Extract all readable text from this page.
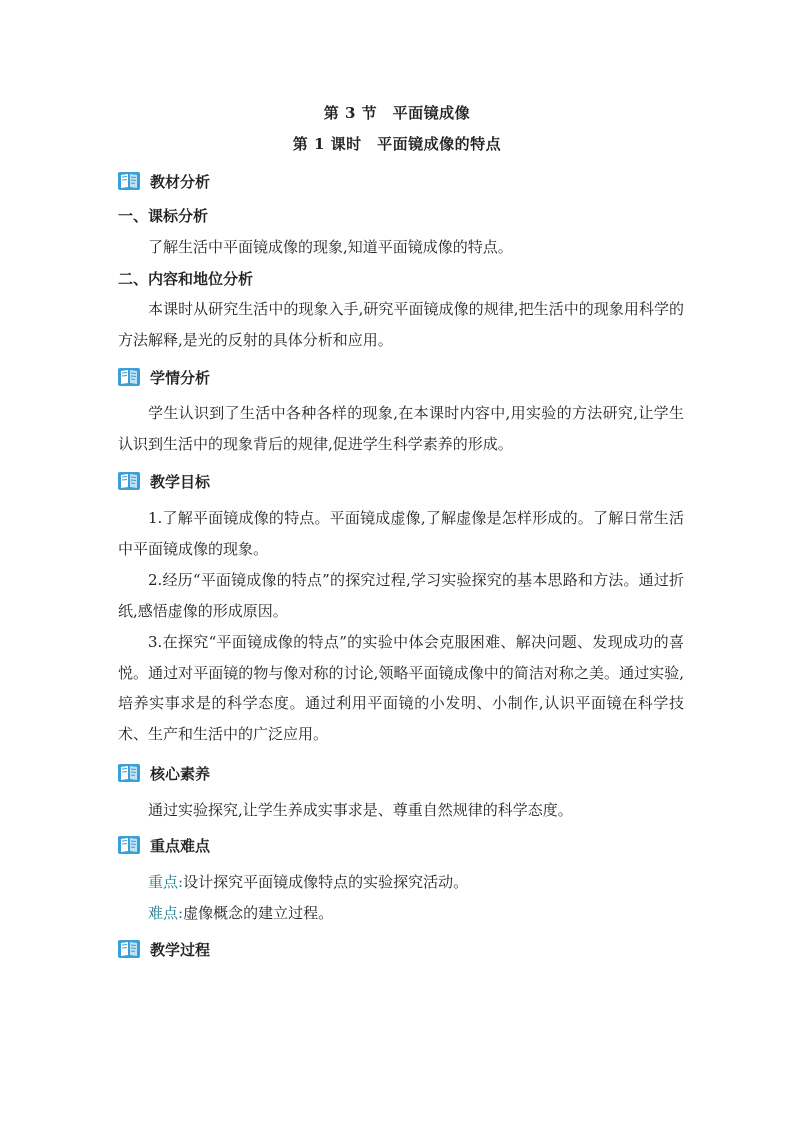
第 3 节　平面镜成像
第 1 课时　平面镜成像的特点
教材分析
一、课标分析
了解生活中平面镜成像的现象,知道平面镜成像的特点。
二、内容和地位分析
本课时从研究生活中的现象入手,研究平面镜成像的规律,把生活中的现象用科学的方法解释,是光的反射的具体分析和应用。
学情分析
学生认识到了生活中各种各样的现象,在本课时内容中,用实验的方法研究,让学生认识到生活中的现象背后的规律,促进学生科学素养的形成。
教学目标
1.了解平面镜成像的特点。平面镜成虚像,了解虚像是怎样形成的。了解日常生活中平面镜成像的现象。
2.经历“平面镜成像的特点”的探究过程,学习实验探究的基本思路和方法。通过折纸,感悟虚像的形成原因。
3.在探究“平面镜成像的特点”的实验中体会克服困难、解决问题、发现成功的喜悦。通过对平面镜的物与像对称的讨论,领略平面镜成像中的简洁对称之美。通过实验,培养实事求是的科学态度。通过利用平面镜的小发明、小制作,认识平面镜在科学技术、生产和生活中的广泛应用。
核心素养
通过实验探究,让学生养成实事求是、尊重自然规律的科学态度。
重点难点
重点:设计探究平面镜成像特点的实验探究活动。
难点:虚像概念的建立过程。
教学过程
